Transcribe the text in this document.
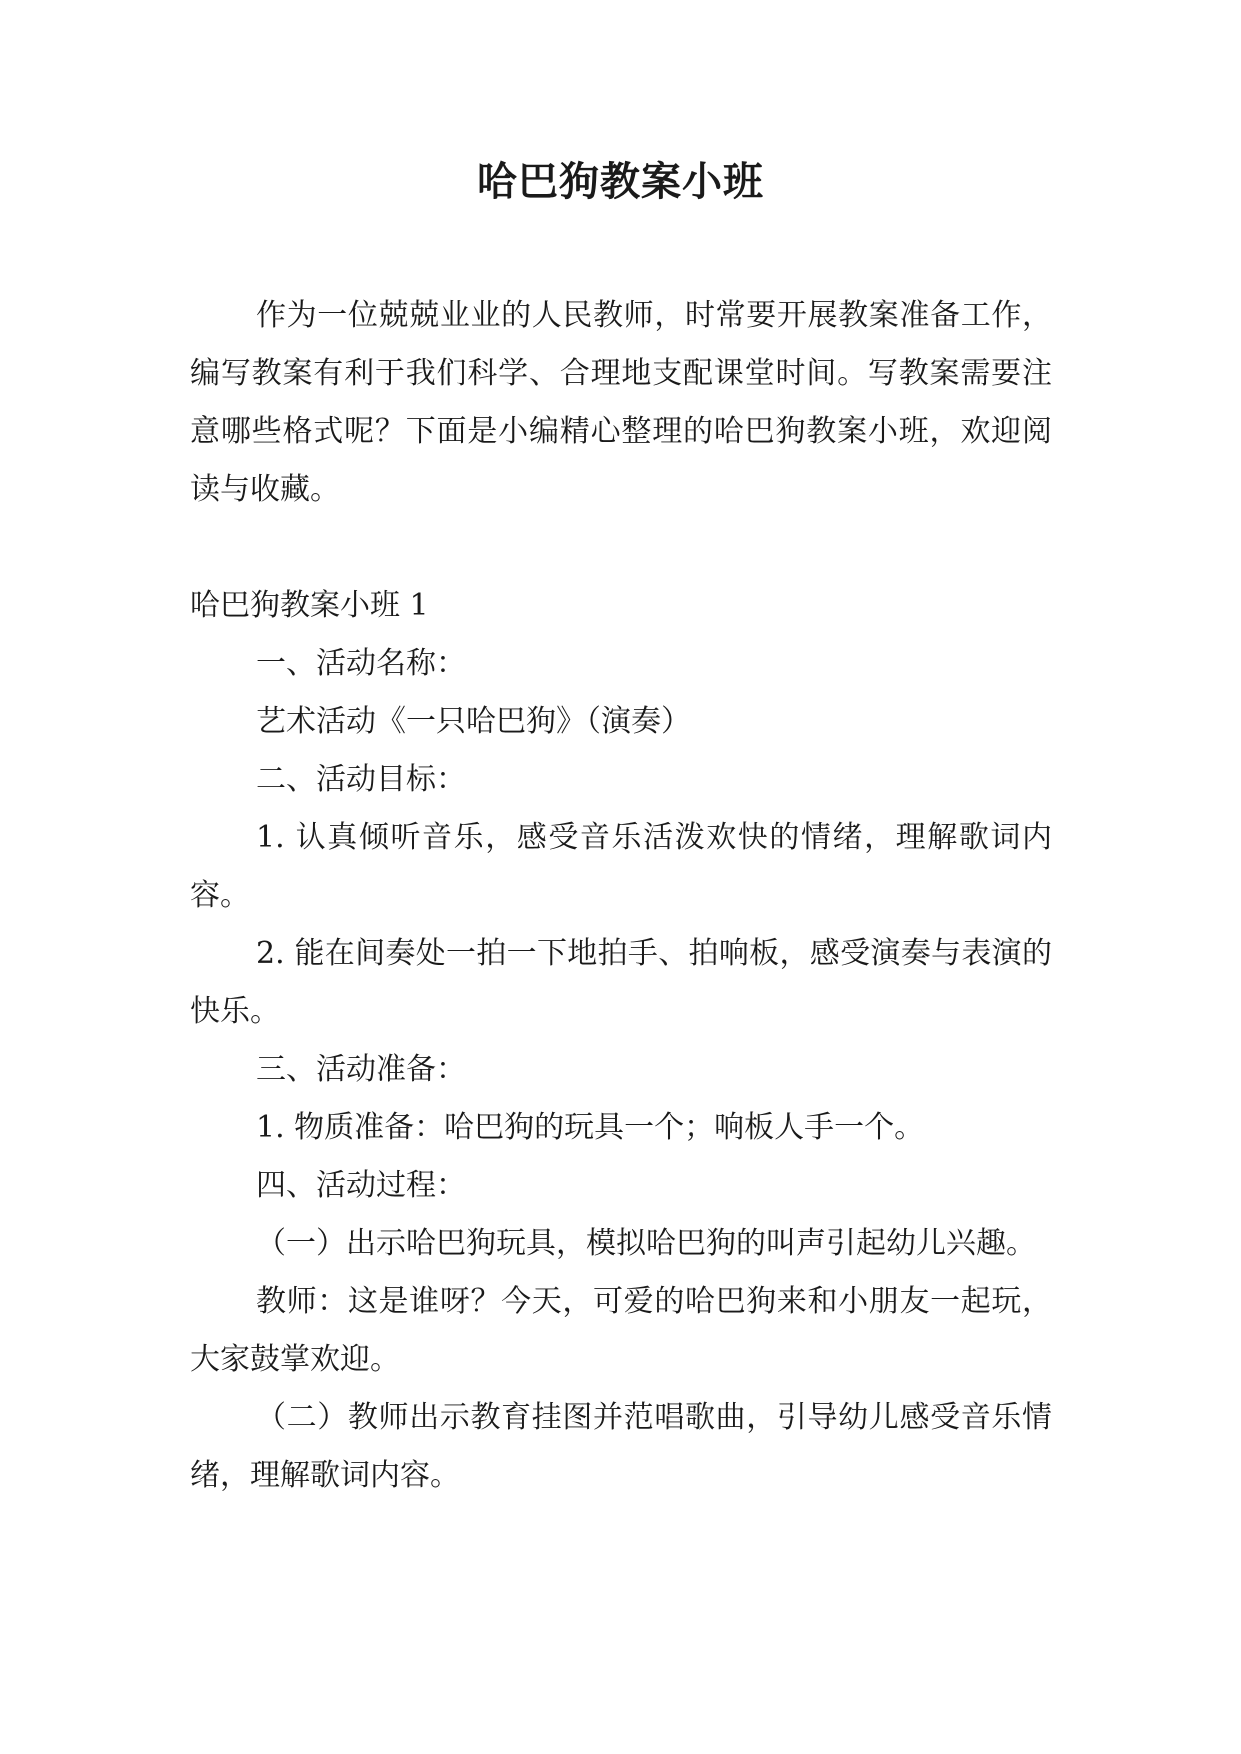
哈巴狗教案小班

作为一位兢兢业业的人民教师，时常要开展教案准备工作，编写教案有利于我们科学、合理地支配课堂时间。写教案需要注意哪些格式呢？下面是小编精心整理的哈巴狗教案小班，欢迎阅读与收藏。

哈巴狗教案小班 1

一、活动名称：

艺术活动《一只哈巴狗》（演奏）

二、活动目标：

1. 认真倾听音乐，感受音乐活泼欢快的情绪，理解歌词内容。

2. 能在间奏处一拍一下地拍手、拍响板，感受演奏与表演的快乐。

三、活动准备：

1. 物质准备：哈巴狗的玩具一个；响板人手一个。

四、活动过程：

（一）出示哈巴狗玩具，模拟哈巴狗的叫声引起幼儿兴趣。

教师：这是谁呀？今天，可爱的哈巴狗来和小朋友一起玩，大家鼓掌欢迎。

（二）教师出示教育挂图并范唱歌曲，引导幼儿感受音乐情绪，理解歌词内容。
